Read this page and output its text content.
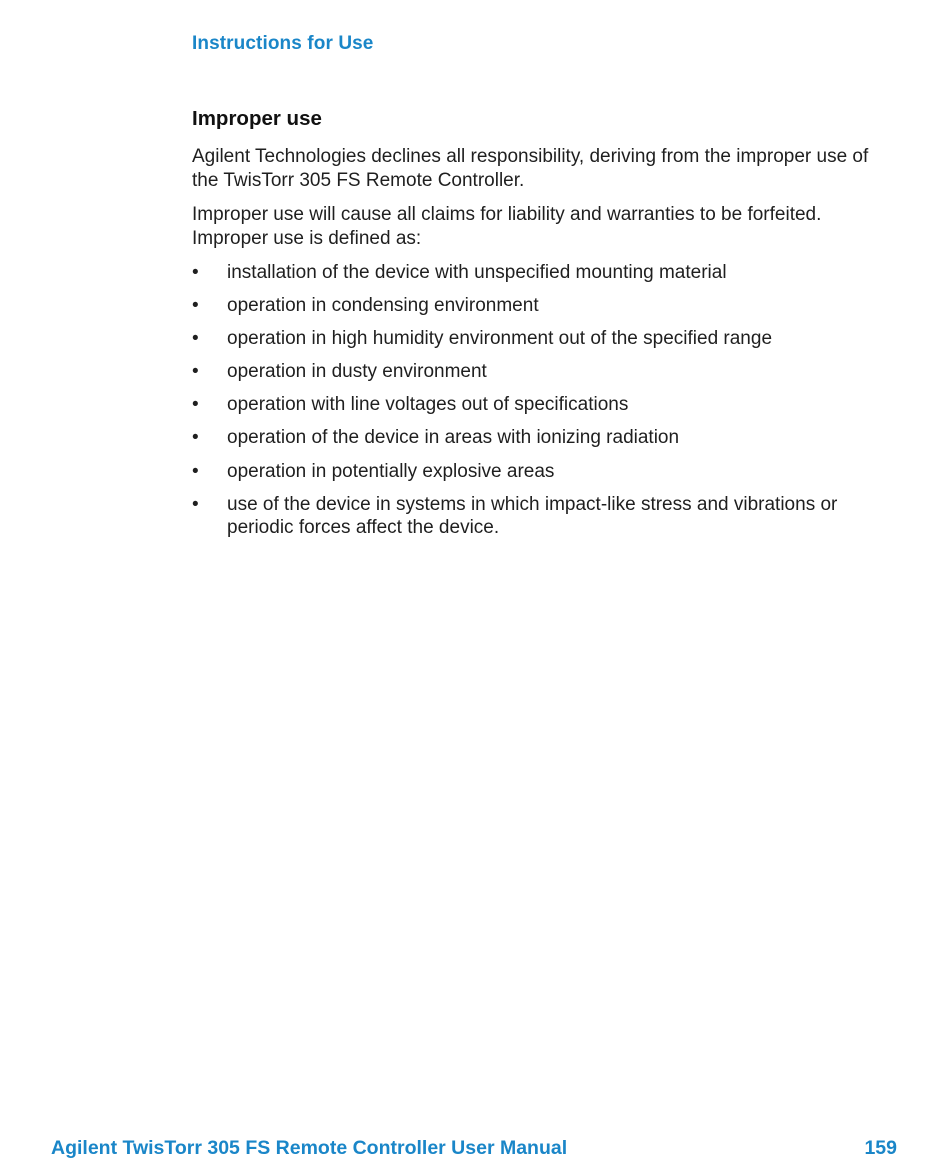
Instructions for Use
Improper use

Agilent Technologies declines all responsibility, deriving from the improper use of the TwisTorr 305 FS Remote Controller.

Improper use will cause all claims for liability and warranties to be forfeited. Improper use is defined as:

• installation of the device with unspecified mounting material
• operation in condensing environment
• operation in high humidity environment out of the specified range
• operation in dusty environment
• operation with line voltages out of specifications
• operation of the device in areas with ionizing radiation
• operation in potentially explosive areas
• use of the device in systems in which impact-like stress and vibrations or periodic forces affect the device.
Agilent TwisTorr 305 FS Remote Controller User Manual	159
